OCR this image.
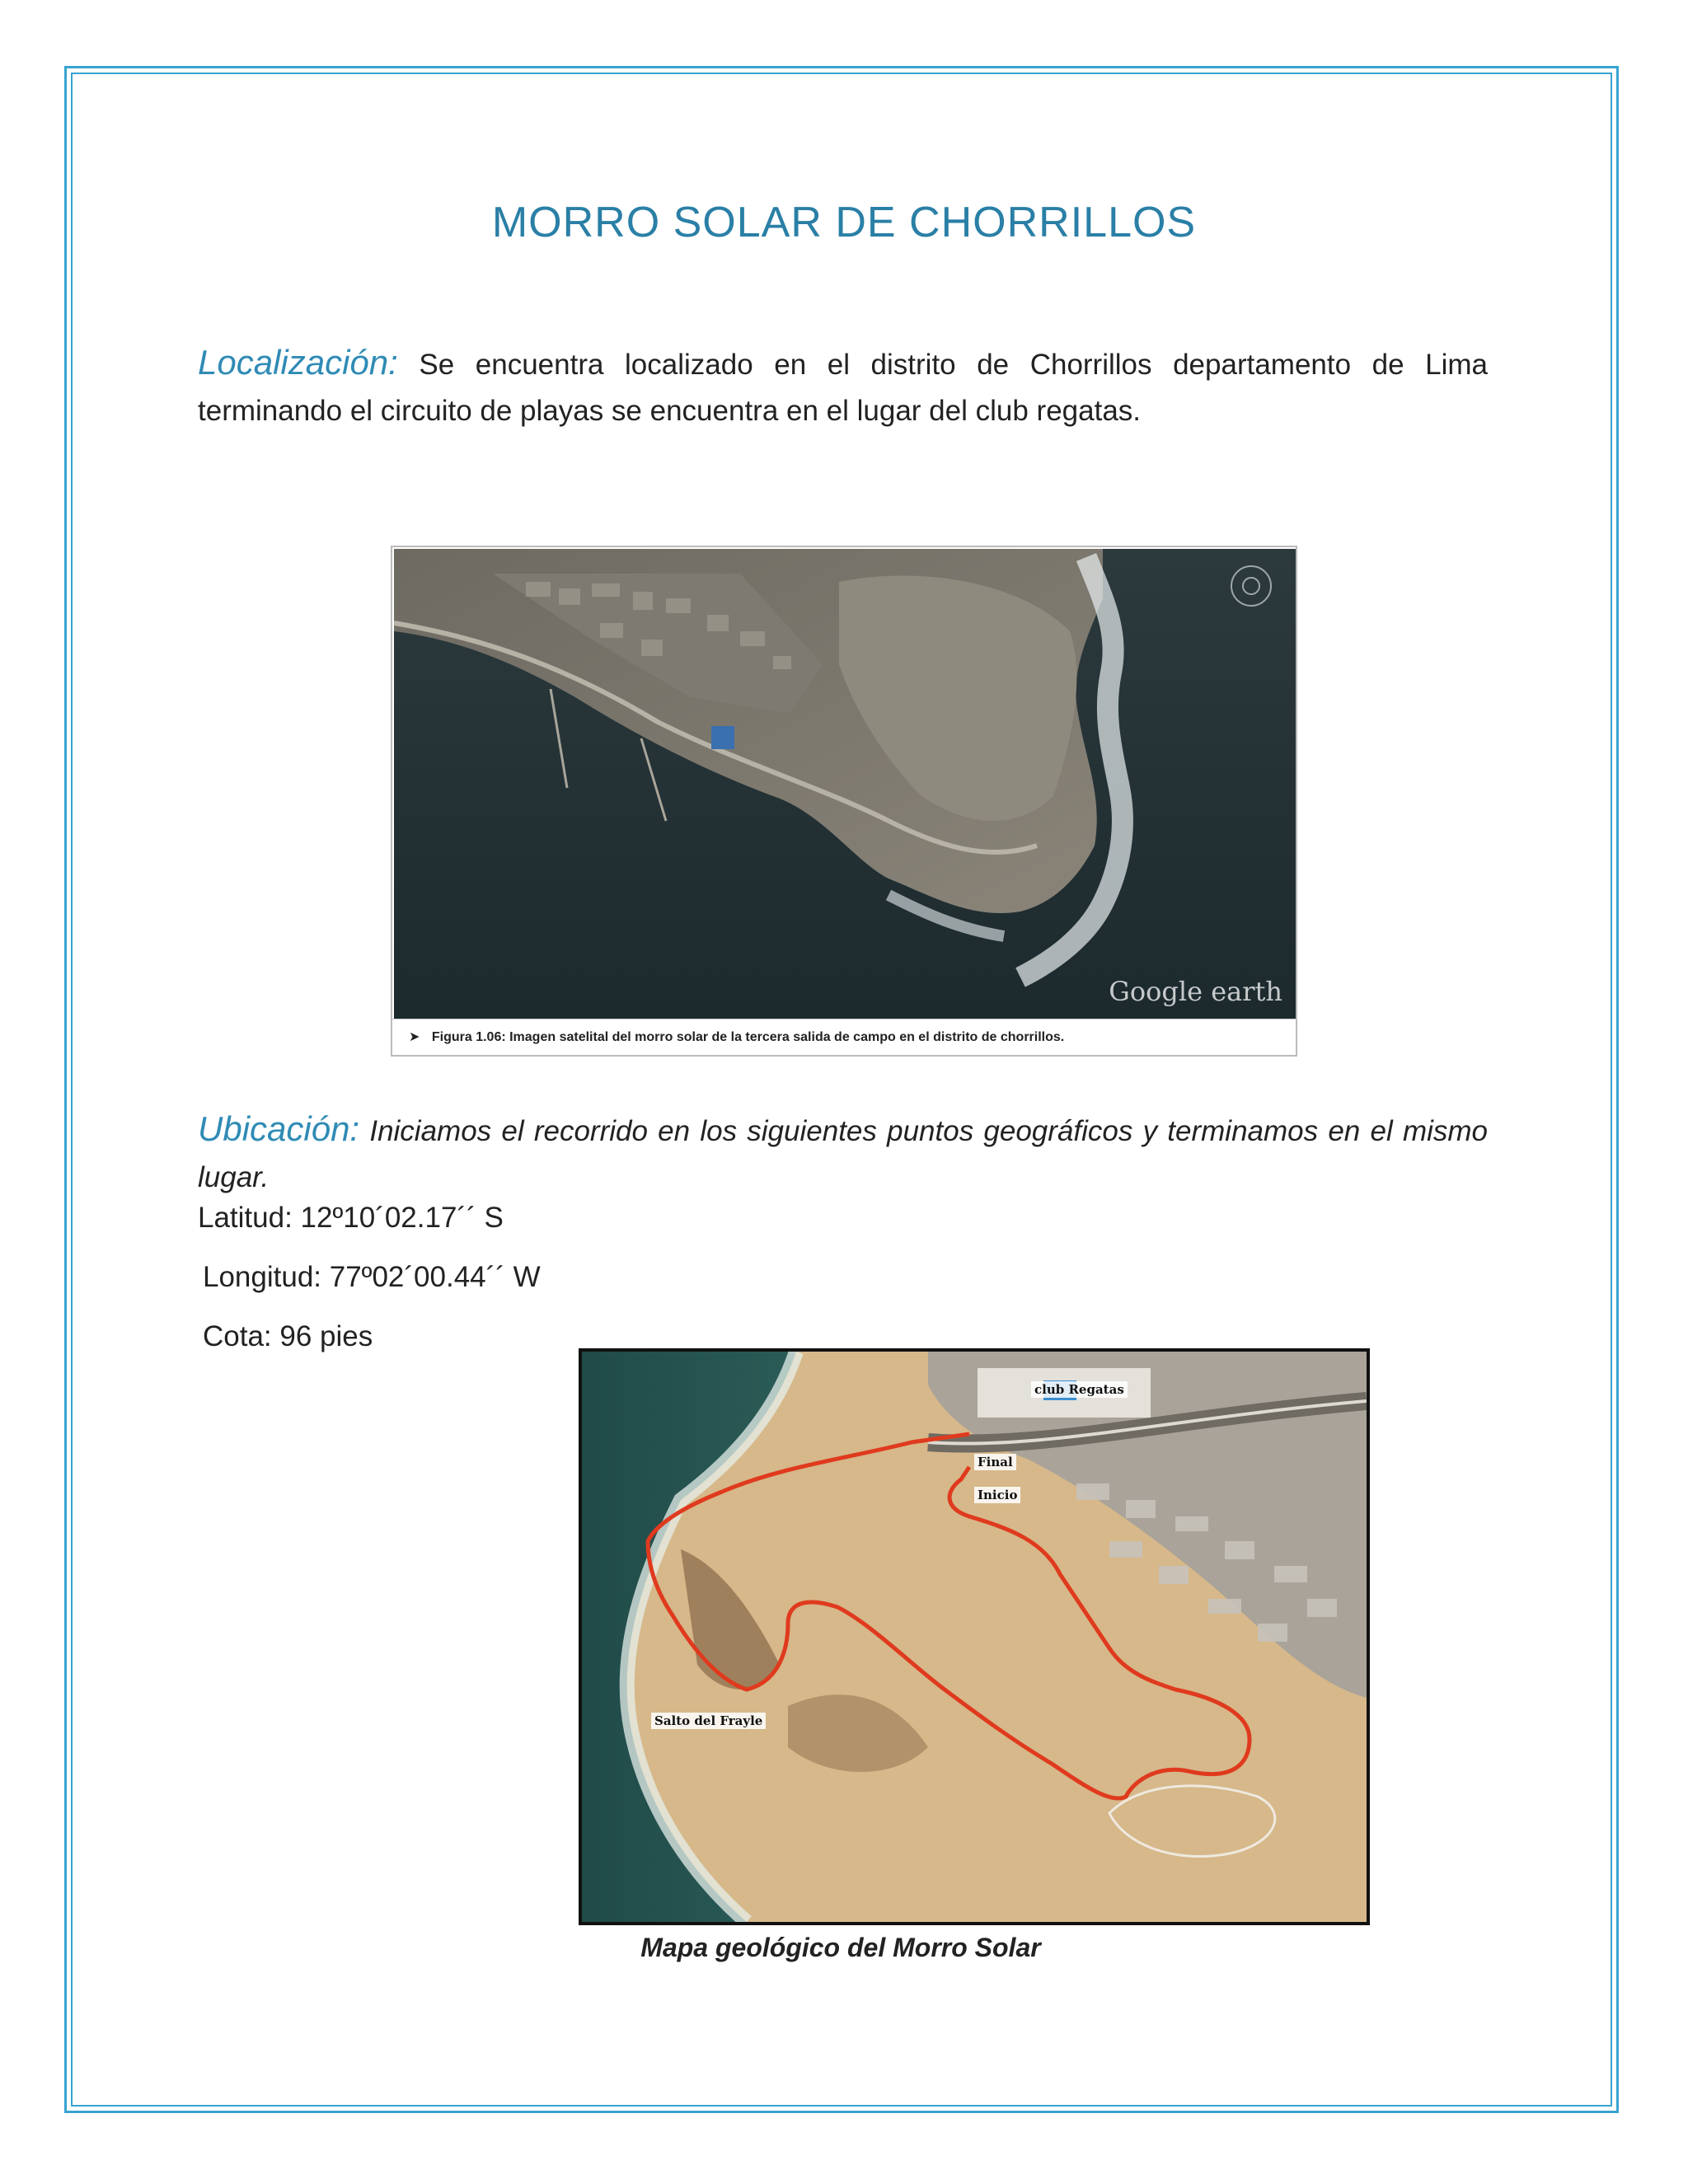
MORRO SOLAR DE CHORRILLOS
Localización: Se encuentra localizado en el distrito de Chorrillos departamento de Lima terminando el circuito de playas se encuentra en el lugar del club regatas.
Google earth
➤ Figura 1.06: Imagen satelital del morro solar de la tercera salida de campo en el distrito de chorrillos.
Ubicación: Iniciamos el recorrido en los siguientes puntos geográficos y terminamos en el mismo lugar.
Latitud: 12º10´02.17´´ S
Longitud: 77º02´00.44´´ W
Cota: 96 pies
club Regatas
Final
Inicio
Salto del Frayle
Mapa geológico del Morro Solar
